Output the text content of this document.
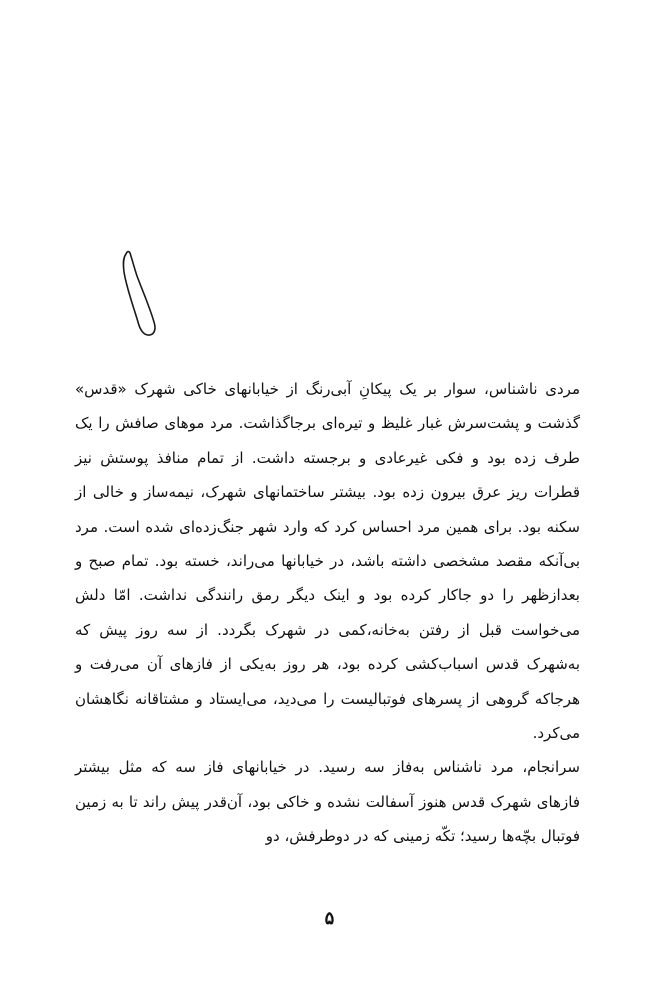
مردی ناشناس، سوار بر یک پیکانِ آبی‌رنگ از خیابانهای خاکی شهرک «قدس» گذشت و پشت‌سرش غبار غلیظ و تیره‌ای برجاگذاشت. مرد موهای صافش را یک طرف زده بود و فکی غیرعادی و برجسته داشت. از تمام منافذ پوستش نیز قطرات ریز عرق بیرون زده بود. بیشتر ساختمانهای شهرک، نیمه‌ساز و خالی از سکنه بود. برای همین مرد احساس کرد که وارد شهر جنگ‌زده‌ای شده است. مرد بی‌آنکه مقصد مشخصی داشته باشد، در خیابانها می‌راند، خسته بود. تمام صبح و بعدازظهر را دو جاکار کرده بود و اینک دیگر رمق رانندگی نداشت. امّا دلش می‌خواست قبل از رفتن به‌خانه،کمی در شهرک بگردد. از سه روز پیش که به‌شهرک قدس اسباب‌کشی کرده بود، هر روز به‌یکی از فازهای آن می‌رفت و هرجاکه گروهی از پسرهای فوتبالیست را می‌دید، می‌ایستاد و مشتاقانه نگاهشان می‌کرد.

سرانجام، مرد ناشناس به‌فاز سه رسید. در خیابانهای فاز سه که مثل بیشتر فازهای شهرک قدس هنوز آسفالت نشده و خاکی بود، آن‌قدر پیش راند تا به زمین فوتبال بچّه‌ها رسید؛ تکّه زمینی که در دوطرفش، دو

۵
